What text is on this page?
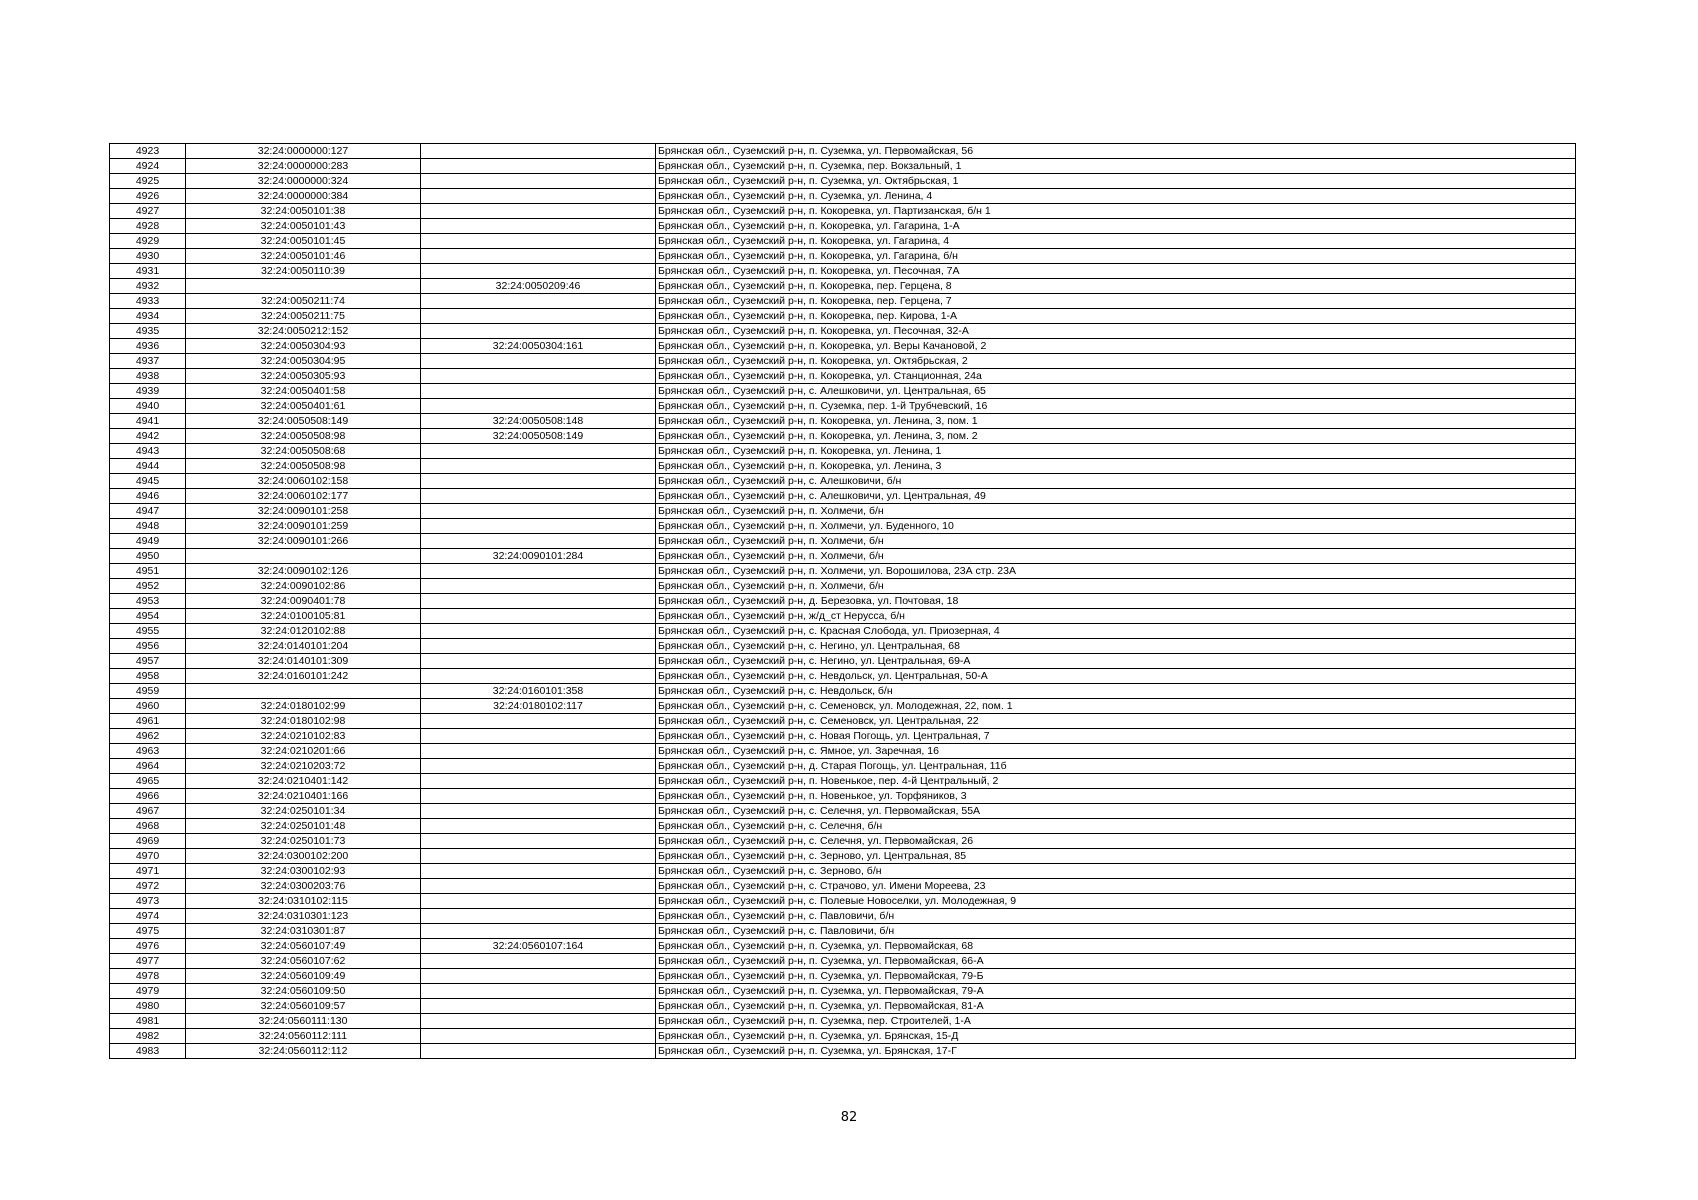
4923	32:24:0000000:127		Брянская обл., Суземский р-н, п. Суземка, ул. Первомайская, 56
4924	32:24:0000000:283		Брянская обл., Суземский р-н, п. Суземка, пер. Вокзальный, 1
4925	32:24:0000000:324		Брянская обл., Суземский р-н, п. Суземка, ул. Октябрьская, 1
4926	32:24:0000000:384		Брянская обл., Суземский р-н, п. Суземка, ул. Ленина, 4
4927	32:24:0050101:38		Брянская обл., Суземский р-н, п. Кокоревка, ул. Партизанская, б/н 1
4928	32:24:0050101:43		Брянская обл., Суземский р-н, п. Кокоревка, ул. Гагарина, 1-А
4929	32:24:0050101:45		Брянская обл., Суземский р-н, п. Кокоревка, ул. Гагарина, 4
4930	32:24:0050101:46		Брянская обл., Суземский р-н, п. Кокоревка, ул. Гагарина, б/н
4931	32:24:0050110:39		Брянская обл., Суземский р-н, п. Кокоревка, ул. Песочная, 7А
4932		32:24:0050209:46	Брянская обл., Суземский р-н, п. Кокоревка, пер. Герцена, 8
4933	32:24:0050211:74		Брянская обл., Суземский р-н, п. Кокоревка, пер. Герцена, 7
4934	32:24:0050211:75		Брянская обл., Суземский р-н, п. Кокоревка, пер. Кирова, 1-А
4935	32:24:0050212:152		Брянская обл., Суземский р-н, п. Кокоревка, ул. Песочная, 32-А
4936	32:24:0050304:93	32:24:0050304:161	Брянская обл., Суземский р-н, п. Кокоревка, ул. Веры Качановой, 2
4937	32:24:0050304:95		Брянская обл., Суземский р-н, п. Кокоревка, ул. Октябрьская, 2
4938	32:24:0050305:93		Брянская обл., Суземский р-н, п. Кокоревка, ул. Станционная, 24а
4939	32:24:0050401:58		Брянская обл., Суземский р-н, с. Алешковичи, ул. Центральная, 65
4940	32:24:0050401:61		Брянская обл., Суземский р-н, п. Суземка, пер. 1-й Трубчевский, 16
4941	32:24:0050508:149	32:24:0050508:148	Брянская обл., Суземский р-н, п. Кокоревка, ул. Ленина, 3, пом. 1
4942	32:24:0050508:98	32:24:0050508:149	Брянская обл., Суземский р-н, п. Кокоревка, ул. Ленина, 3, пом. 2
4943	32:24:0050508:68		Брянская обл., Суземский р-н, п. Кокоревка, ул. Ленина, 1
4944	32:24:0050508:98		Брянская обл., Суземский р-н, п. Кокоревка, ул. Ленина, 3
4945	32:24:0060102:158		Брянская обл., Суземский р-н, с. Алешковичи, б/н
4946	32:24:0060102:177		Брянская обл., Суземский р-н, с. Алешковичи, ул. Центральная, 49
4947	32:24:0090101:258		Брянская обл., Суземский р-н, п. Холмечи, б/н
4948	32:24:0090101:259		Брянская обл., Суземский р-н, п. Холмечи, ул. Буденного, 10
4949	32:24:0090101:266		Брянская обл., Суземский р-н, п. Холмечи, б/н
4950		32:24:0090101:284	Брянская обл., Суземский р-н, п. Холмечи, б/н
4951	32:24:0090102:126		Брянская обл., Суземский р-н, п. Холмечи, ул. Ворошилова, 23А стр. 23А
4952	32:24:0090102:86		Брянская обл., Суземский р-н, п. Холмечи, б/н
4953	32:24:0090401:78		Брянская обл., Суземский р-н, д. Березовка, ул. Почтовая, 18
4954	32:24:0100105:81		Брянская обл., Суземский р-н, ж/д_ст Нерусса, б/н
4955	32:24:0120102:88		Брянская обл., Суземский р-н, с. Красная Слобода, ул. Приозерная, 4
4956	32:24:0140101:204		Брянская обл., Суземский р-н, с. Негино, ул. Центральная, 68
4957	32:24:0140101:309		Брянская обл., Суземский р-н, с. Негино, ул. Центральная, 69-А
4958	32:24:0160101:242		Брянская обл., Суземский р-н, с. Невдольск, ул. Центральная, 50-А
4959		32:24:0160101:358	Брянская обл., Суземский р-н, с. Невдольск, б/н
4960	32:24:0180102:99	32:24:0180102:117	Брянская обл., Суземский р-н, с. Семеновск, ул. Молодежная, 22, пом. 1
4961	32:24:0180102:98		Брянская обл., Суземский р-н, с. Семеновск, ул. Центральная, 22
4962	32:24:0210102:83		Брянская обл., Суземский р-н, с. Новая Погощь, ул. Центральная, 7
4963	32:24:0210201:66		Брянская обл., Суземский р-н, с. Ямное, ул. Заречная, 16
4964	32:24:0210203:72		Брянская обл., Суземский р-н, д. Старая Погощь, ул. Центральная, 11б
4965	32:24:0210401:142		Брянская обл., Суземский р-н, п. Новенькое, пер. 4-й Центральный, 2
4966	32:24:0210401:166		Брянская обл., Суземский р-н, п. Новенькое, ул. Торфяников, 3
4967	32:24:0250101:34		Брянская обл., Суземский р-н, с. Селечня, ул. Первомайская, 55А
4968	32:24:0250101:48		Брянская обл., Суземский р-н, с. Селечня, б/н
4969	32:24:0250101:73		Брянская обл., Суземский р-н, с. Селечня, ул. Первомайская, 26
4970	32:24:0300102:200		Брянская обл., Суземский р-н, с. Зерново, ул. Центральная, 85
4971	32:24:0300102:93		Брянская обл., Суземский р-н, с. Зерново, б/н
4972	32:24:0300203:76		Брянская обл., Суземский р-н, с. Страчово, ул. Имени Мореева, 23
4973	32:24:0310102:115		Брянская обл., Суземский р-н, с. Полевые Новоселки, ул. Молодежная, 9
4974	32:24:0310301:123		Брянская обл., Суземский р-н, с. Павловичи, б/н
4975	32:24:0310301:87		Брянская обл., Суземский р-н, с. Павловичи, б/н
4976	32:24:0560107:49	32:24:0560107:164	Брянская обл., Суземский р-н, п. Суземка, ул. Первомайская, 68
4977	32:24:0560107:62		Брянская обл., Суземский р-н, п. Суземка, ул. Первомайская, 66-А
4978	32:24:0560109:49		Брянская обл., Суземский р-н, п. Суземка, ул. Первомайская, 79-Б
4979	32:24:0560109:50		Брянская обл., Суземский р-н, п. Суземка, ул. Первомайская, 79-А
4980	32:24:0560109:57		Брянская обл., Суземский р-н, п. Суземка, ул. Первомайская, 81-А
4981	32:24:0560111:130		Брянская обл., Суземский р-н, п. Суземка, пер. Строителей, 1-А
4982	32:24:0560112:111		Брянская обл., Суземский р-н, п. Суземка, ул. Брянская, 15-Д
4983	32:24:0560112:112		Брянская обл., Суземский р-н, п. Суземка, ул. Брянская, 17-Г
82
